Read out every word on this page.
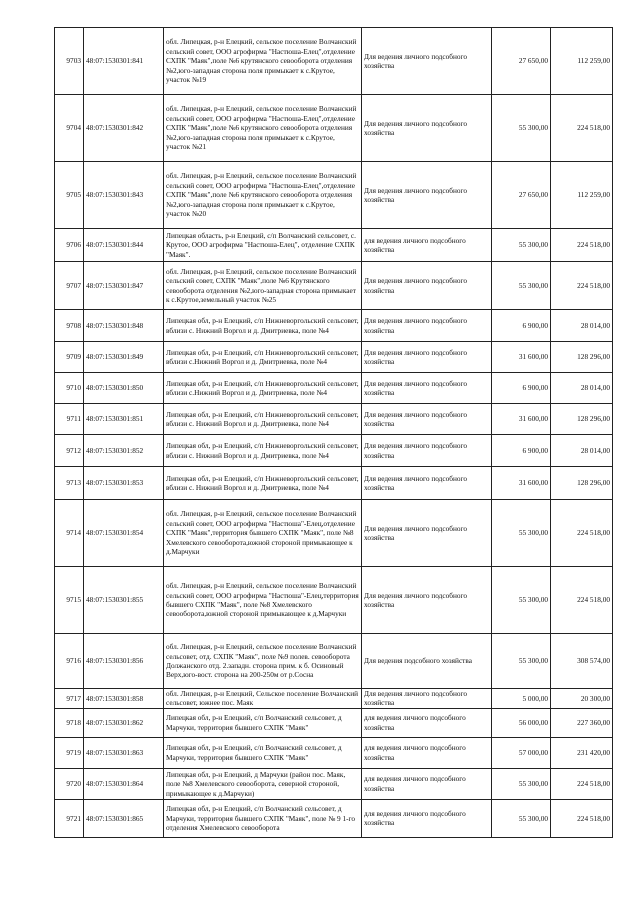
9703	48:07:1530301:841	обл. Липецкая, р-н Елецкий, сельское поселение Волчанский сельский совет, ООО агрофирма "Настюша-Елец",отделение СХПК "Маяк",поле №6 крутянского севооборота отделения №2,юго-западная сторона поля примыкает к с.Крутое, участок №19	Для ведения личного подсобного хозяйства	27 650,00	112 259,00
9704	48:07:1530301:842	обл. Липецкая, р-н Елецкий, сельское поселение Волчанский сельский совет, ООО агрофирма "Настюша-Елец",отделение СХПК "Маяк",поле №6 крутянского севооборота отделения №2,юго-западная сторона поля примыкает к с.Крутое, участок №21	Для ведения личного подсобного хозяйства	55 300,00	224 518,00
9705	48:07:1530301:843	обл. Липецкая, р-н Елецкий, сельское поселение Волчанский сельский совет, ООО агрофирма "Настюша-Елец",отделение СХПК "Маяк",поле №6 крутянского севооборота отделения №2,юго-западная сторона поля примыкает к с.Крутое, участок №20	Для ведения личного подсобного хозяйства	27 650,00	112 259,00
9706	48:07:1530301:844	Липецкая область, р-н Елецкий, с/п Волчанский сельсовет, с. Крутое, ООО агрофирма "Настюша-Елец", отделение СХПК "Маяк".	для ведения личного подсобного хозяйства	55 300,00	224 518,00
9707	48:07:1530301:847	обл. Липецкая, р-н Елецкий, сельское поселение Волчанский сельский совет, СХПК "Маяк",поле №6 Крутянского севооборота отделения №2,юго-западная сторона примыкает к с.Крутое,земельный участок №25	Для ведения личного подсобного хозяйства	55 300,00	224 518,00
9708	48:07:1530301:848	Липецкая обл, р-н Елецкий, с/п Нижневоргольский сельсовет, вблизи с. Нижний Воргол и д. Дмитриевка, поле №4	Для ведения личного подсобного хозяйства	6 900,00	28 014,00
9709	48:07:1530301:849	Липецкая обл, р-н Елецкий, с/п Нижневоргольский сельсовет, вблизи с.Нижний Воргол и д. Дмитриевка, поле №4	Для ведения личного подсобного хозяйства	31 600,00	128 296,00
9710	48:07:1530301:850	Липецкая обл, р-н Елецкий, с/п Нижневоргольский сельсовет, вблизи с.Нижний Воргол и д. Дмитриевка, поле №4	Для ведения личного подсобного хозяйства	6 900,00	28 014,00
9711	48:07:1530301:851	Липецкая обл, р-н Елецкий, с/п Нижневоргольский сельсовет, вблизи с. Нижний Воргол и д. Дмитриевка, поле №4	Для ведения личного подсобного хозяйства	31 600,00	128 296,00
9712	48:07:1530301:852	Липецкая обл, р-н Елецкий, с/п Нижневоргольский сельсовет, вблизи с. Нижний Воргол и д. Дмитриевка, поле №4	Для ведения личного подсобного хозяйства	6 900,00	28 014,00
9713	48:07:1530301:853	Липецкая обл, р-н Елецкий, с/п Нижневоргольский сельсовет, вблизи с. Нижний Воргол и д. Дмитриевка, поле №4	Для ведения личного подсобного хозяйства	31 600,00	128 296,00
9714	48:07:1530301:854	обл. Липецкая, р-н Елецкий, сельское поселение Волчанский сельский совет, ООО агрофирма "Настюша"-Елец,отделение СХПК "Маяк",территория бывшего СХПК "Маяк", поле №8 Хмелевского севооборота,южной стороной примыкающее к д.Марчуки	Для ведения личного подсобного хозяйства	55 300,00	224 518,00
9715	48:07:1530301:855	обл. Липецкая, р-н Елецкий, сельское поселение Волчанский сельский совет, ООО агрофирма "Настюша"-Елец,территория бывшего СХПК "Маяк", поле №8 Хмелевского севооборота,южной стороной примыкающее к д.Марчуки	Для ведения личного подсобного хозяйства	55 300,00	224 518,00
9716	48:07:1530301:856	обл. Липецкая, р-н Елецкий, сельское поселение Волчанский сельсовет, отд. СХПК "Маяк", поле №9 полев. севооборота Должанского отд. 2.западн. сторона прим. к б. Осиновый Верх,юго-вост. сторона на 200-250м от р.Сосна	Для ведения подсобного хозяйства	55 300,00	308 574,00
9717	48:07:1530301:858	обл. Липецкая, р-н Елецкий, Сельское поселение Волчанский сельсовет, южнее пос. Маяк	Для ведения личного подсобного хозяйства	5 000,00	20 300,00
9718	48:07:1530301:862	Липецкая обл, р-н Елецкий, с/п Волчанский сельсовет, д Марчуки, территория бывшего СХПК "Маяк"	для ведения личного подсобного хозяйства	56 000,00	227 360,00
9719	48:07:1530301:863	Липецкая обл, р-н Елецкий, с/п Волчанский сельсовет, д Марчуки, территория бывшего СХПК "Маяк"	для ведения личного подсобного хозяйства	57 000,00	231 420,00
9720	48:07:1530301:864	Липецкая обл, р-н Елецкий, д Марчуки (район пос. Маяк, поле №8 Хмелевского севооборота, северной стороной, примыкающее к д.Марчуки)	для ведения личного подсобного хозяйства	55 300,00	224 518,00
9721	48:07:1530301:865	Липецкая обл, р-н Елецкий, с/п Волчанский сельсовет, д Марчуки, территория бывшего СХПК "Маяк", поле № 9 1-го отделения Хмелевского севооборота	для ведения личного подсобного хозяйства	55 300,00	224 518,00
